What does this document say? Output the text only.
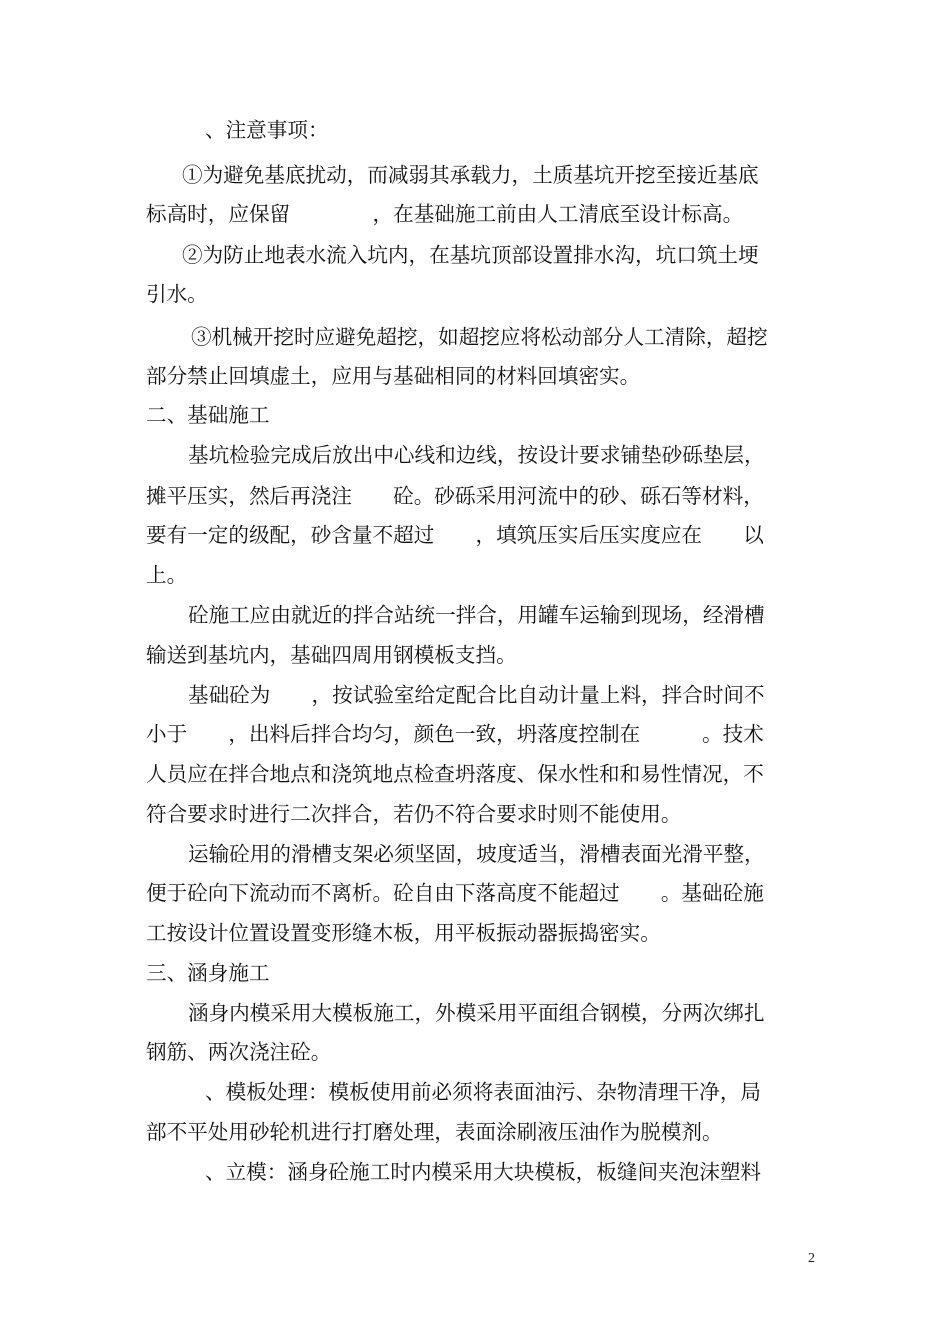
、注意事项：
①为避免基底扰动，而减弱其承载力，土质基坑开挖至接近基底
标高时，应保留　　　　，在基础施工前由人工清底至设计标高。
②为防止地表水流入坑内，在基坑顶部设置排水沟，坑口筑土埂
引水。
③机械开挖时应避免超挖，如超挖应将松动部分人工清除，超挖
部分禁止回填虚土，应用与基础相同的材料回填密实。
二、基础施工
基坑检验完成后放出中心线和边线，按设计要求铺垫砂砾垫层，
摊平压实，然后再浇注　　砼。砂砾采用河流中的砂、砾石等材料，
要有一定的级配，砂含量不超过　　，填筑压实后压实度应在　　以
上。
砼施工应由就近的拌合站统一拌合，用罐车运输到现场，经滑槽
输送到基坑内，基础四周用钢模板支挡。
基础砼为　　，按试验室给定配合比自动计量上料，拌合时间不
小于　　，出料后拌合均匀，颜色一致，坍落度控制在　　　。技术
人员应在拌合地点和浇筑地点检查坍落度、保水性和和易性情况，不
符合要求时进行二次拌合，若仍不符合要求时则不能使用。
运输砼用的滑槽支架必须坚固，坡度适当，滑槽表面光滑平整，
便于砼向下流动而不离析。砼自由下落高度不能超过　　。基础砼施
工按设计位置设置变形缝木板，用平板振动器振捣密实。
三、涵身施工
涵身内模采用大模板施工，外模采用平面组合钢模，分两次绑扎
钢筋、两次浇注砼。
、模板处理：模板使用前必须将表面油污、杂物清理干净，局
部不平处用砂轮机进行打磨处理，表面涂刷液压油作为脱模剂。
、立模：涵身砼施工时内模采用大块模板，板缝间夹泡沫塑料
2
